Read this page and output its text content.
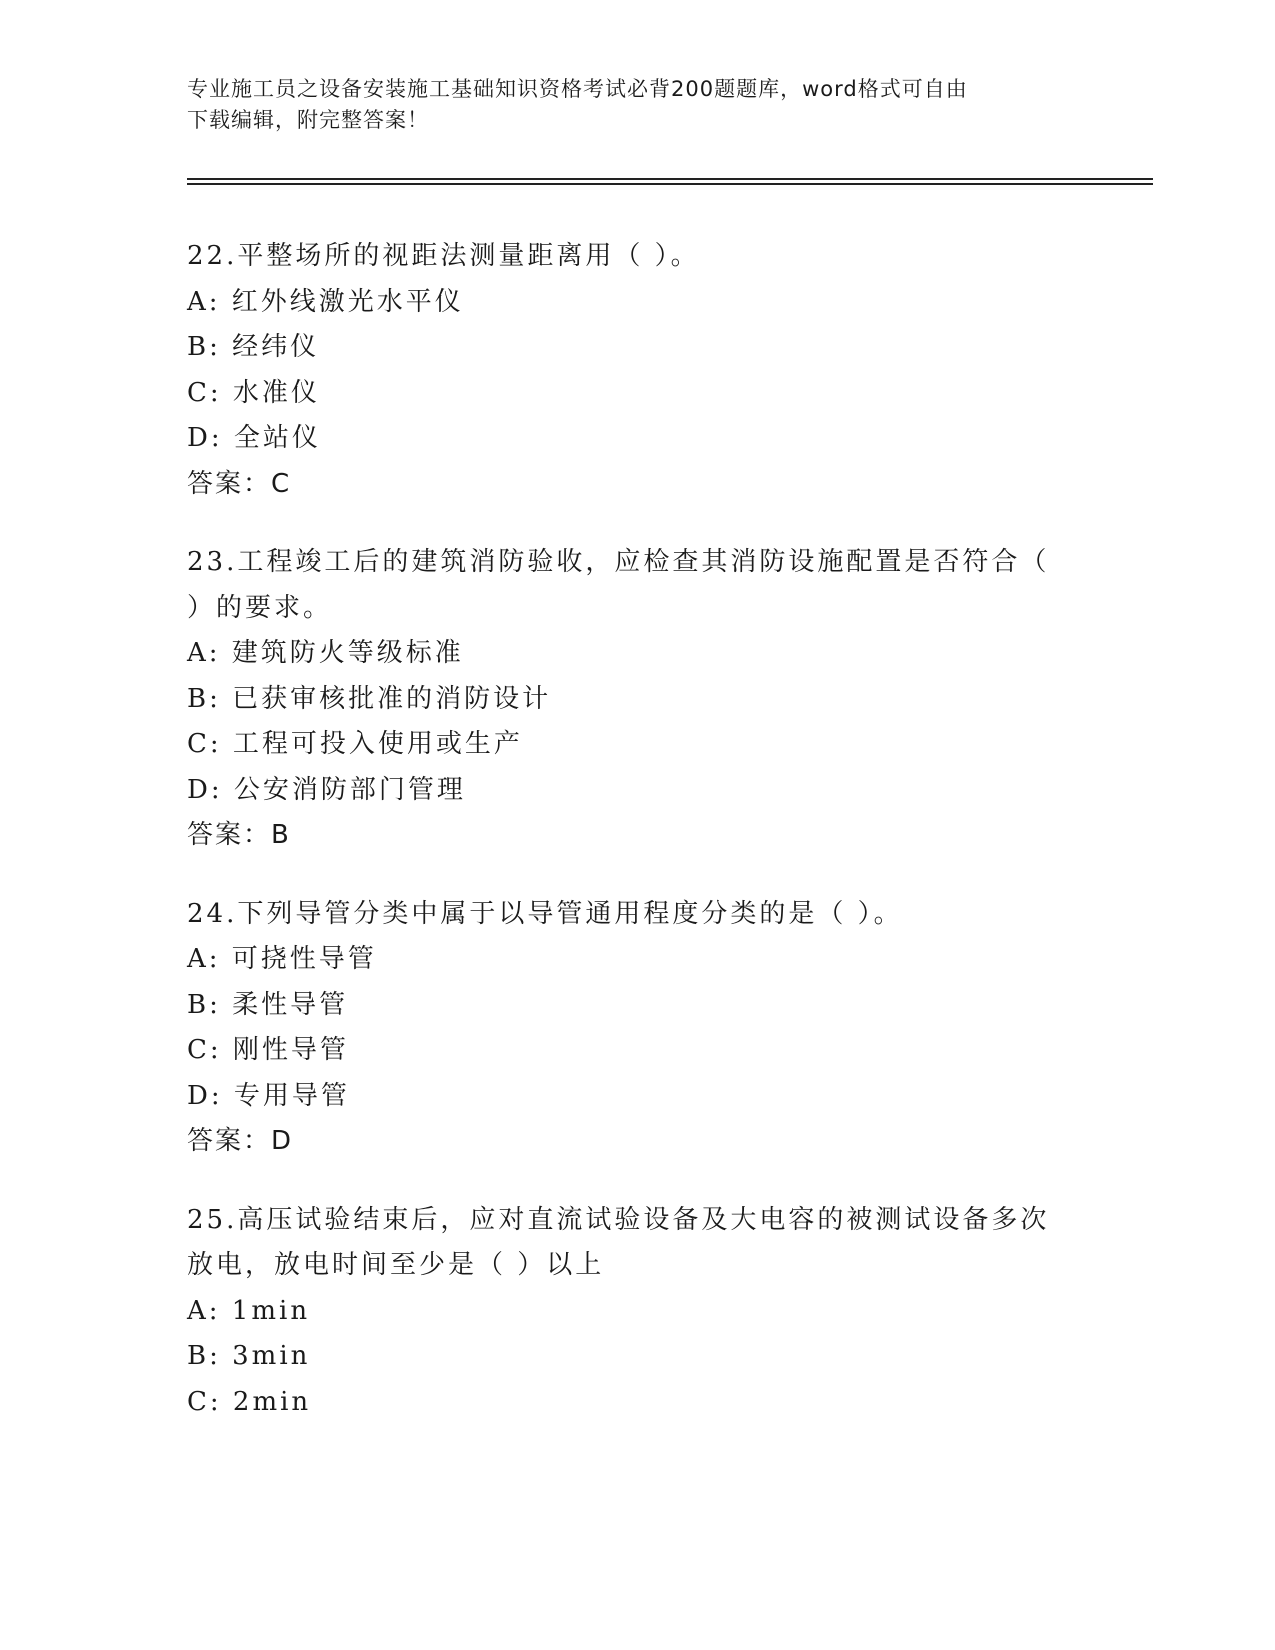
专业施工员之设备安装施工基础知识资格考试必背200题题库，word格式可自由
下载编辑，附完整答案！
22.平整场所的视距法测量距离用（ ）。
A: 红外线激光水平仪
B: 经纬仪
C: 水准仪
D: 全站仪
答案：C
23.工程竣工后的建筑消防验收，应检查其消防设施配置是否符合（ ）的要求。
A: 建筑防火等级标准
B: 已获审核批准的消防设计
C: 工程可投入使用或生产
D: 公安消防部门管理
答案：B
24.下列导管分类中属于以导管通用程度分类的是（ ）。
A: 可挠性导管
B: 柔性导管
C: 刚性导管
D: 专用导管
答案：D
25.高压试验结束后，应对直流试验设备及大电容的被测试设备多次放电，放电时间至少是（ ）以上
A: 1min
B: 3min
C: 2min
